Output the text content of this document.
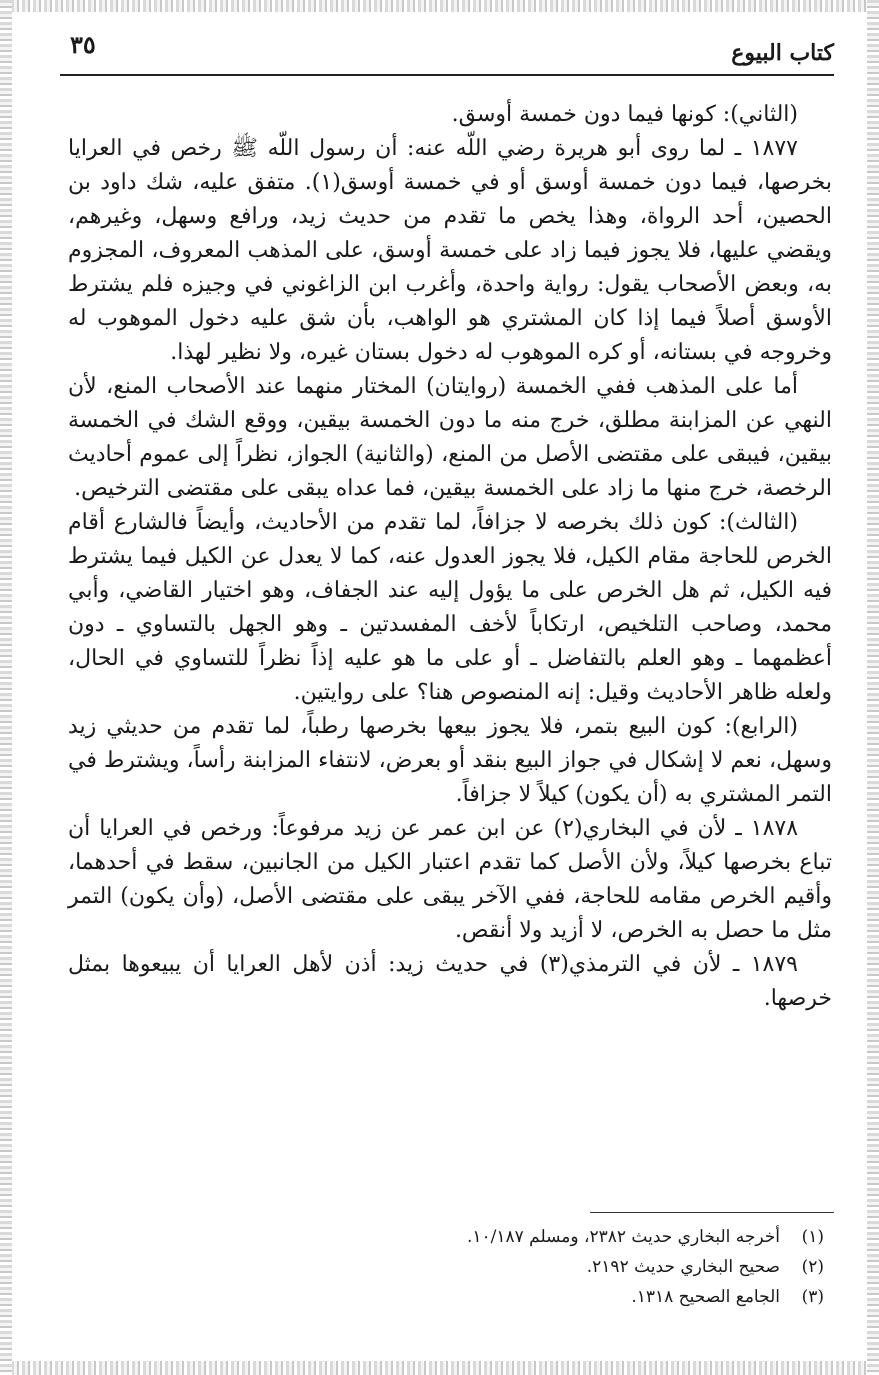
٣٥	كتاب البيوع

(الثاني): كونها فيما دون خمسة أوسق.

١٨٧٧ ـ لما روى أبو هريرة رضي اللّه عنه: أن رسول اللّه ﷺ رخص في العرايا بخرصها، فيما دون خمسة أوسق أو في خمسة أوسق(١). متفق عليه، شك داود بن الحصين، أحد الرواة، وهذا يخص ما تقدم من حديث زيد، ورافع وسهل، وغيرهم، ويقضي عليها، فلا يجوز فيما زاد على خمسة أوسق، على المذهب المعروف، المجزوم به، وبعض الأصحاب يقول: رواية واحدة، وأغرب ابن الزاغوني في وجيزه فلم يشترط الأوسق أصلاً فيما إذا كان المشتري هو الواهب، بأن شق عليه دخول الموهوب له وخروجه في بستانه، أو كره الموهوب له دخول بستان غيره، ولا نظير لهذا.

أما على المذهب ففي الخمسة (روايتان) المختار منهما عند الأصحاب المنع، لأن النهي عن المزابنة مطلق، خرج منه ما دون الخمسة بيقين، ووقع الشك في الخمسة بيقين، فيبقى على مقتضى الأصل من المنع، (والثانية) الجواز، نظراً إلى عموم أحاديث الرخصة، خرج منها ما زاد على الخمسة بيقين، فما عداه يبقى على مقتضى الترخيص.

(الثالث): كون ذلك بخرصه لا جزافاً، لما تقدم من الأحاديث، وأيضاً فالشارع أقام الخرص للحاجة مقام الكيل، فلا يجوز العدول عنه، كما لا يعدل عن الكيل فيما يشترط فيه الكيل، ثم هل الخرص على ما يؤول إليه عند الجفاف، وهو اختيار القاضي، وأبي محمد، وصاحب التلخيص، ارتكاباً لأخف المفسدتين ـ وهو الجهل بالتساوي ـ دون أعظمهما ـ وهو العلم بالتفاضل ـ أو على ما هو عليه إذاً نظراً للتساوي في الحال، ولعله ظاهر الأحاديث وقيل: إنه المنصوص هنا؟ على روايتين.

(الرابع): كون البيع بتمر، فلا يجوز بيعها بخرصها رطباً، لما تقدم من حديثي زيد وسهل، نعم لا إشكال في جواز البيع بنقد أو بعرض، لانتفاء المزابنة رأساً، ويشترط في التمر المشتري به (أن يكون) كيلاً لا جزافاً.

١٨٧٨ ـ لأن في البخاري(٢) عن ابن عمر عن زيد مرفوعاً: ورخص في العرايا أن تباع بخرصها كيلاً، ولأن الأصل كما تقدم اعتبار الكيل من الجانبين، سقط في أحدهما، وأقيم الخرص مقامه للحاجة، ففي الآخر يبقى على مقتضى الأصل، (وأن يكون) التمر مثل ما حصل به الخرص، لا أزيد ولا أنقص.

١٨٧٩ ـ لأن في الترمذي(٣) في حديث زيد: أذن لأهل العرايا أن يبيعوها بمثل خرصها.

(١)
أخرجه البخاري حديث ٢٣٨٢، ومسلم ١٠/١٨٧.
(٢)
صحيح البخاري حديث ٢١٩٢.
(٣)
الجامع الصحيح ١٣١٨.
